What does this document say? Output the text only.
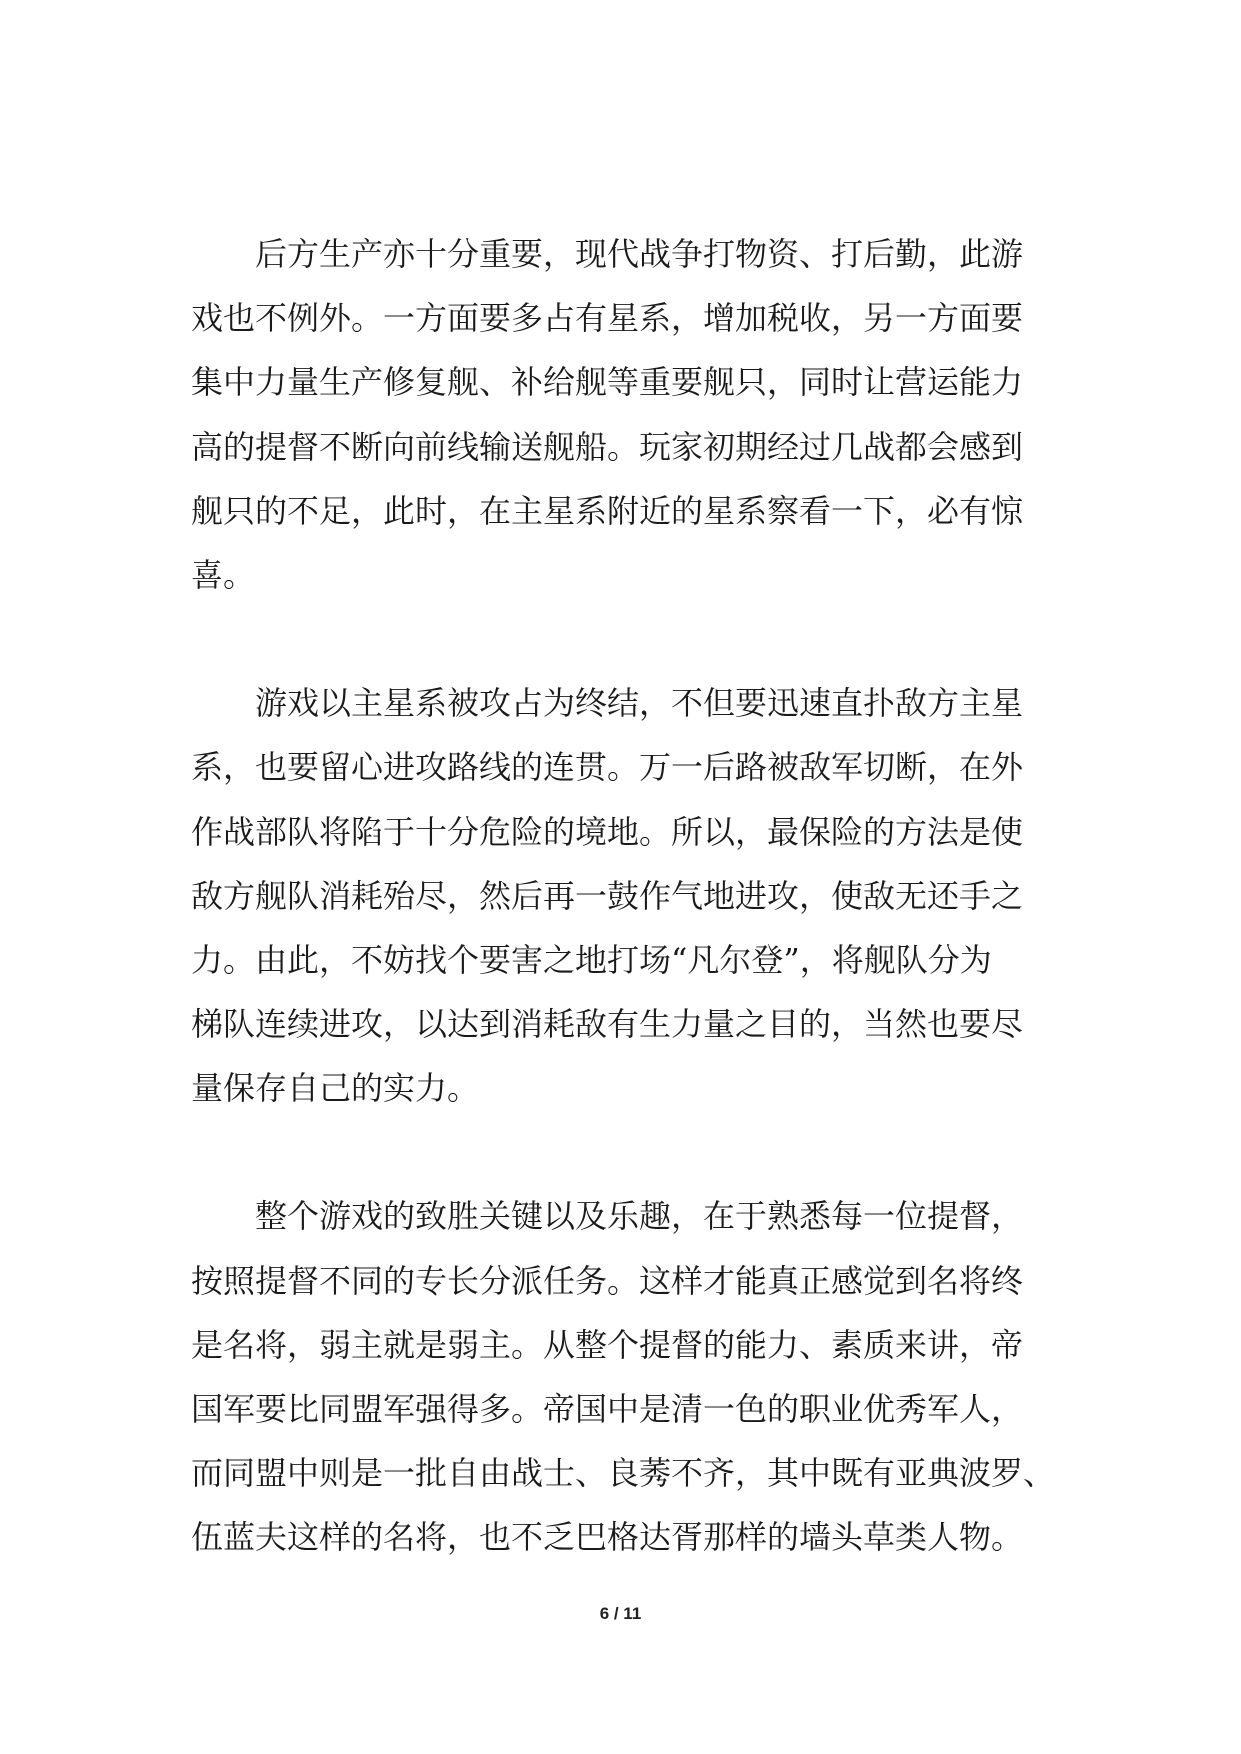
　　后方生产亦十分重要，现代战争打物资、打后勤，此游
戏也不例外。一方面要多占有星系，增加税收，另一方面要
集中力量生产修复舰、补给舰等重要舰只，同时让营运能力
高的提督不断向前线输送舰船。玩家初期经过几战都会感到
舰只的不足，此时，在主星系附近的星系察看一下，必有惊
喜。
　　游戏以主星系被攻占为终结，不但要迅速直扑敌方主星
系，也要留心进攻路线的连贯。万一后路被敌军切断，在外
作战部队将陷于十分危险的境地。所以，最保险的方法是使
敌方舰队消耗殆尽，然后再一鼓作气地进攻，使敌无还手之
力。由此，不妨找个要害之地打场“凡尔登”，将舰队分为
梯队连续进攻，以达到消耗敌有生力量之目的，当然也要尽
量保存自己的实力。
　　整个游戏的致胜关键以及乐趣，在于熟悉每一位提督，
按照提督不同的专长分派任务。这样才能真正感觉到名将终
是名将，弱主就是弱主。从整个提督的能力、素质来讲，帝
国军要比同盟军强得多。帝国中是清一色的职业优秀军人，
而同盟中则是一批自由战士、良莠不齐，其中既有亚典波罗、
伍蓝夫这样的名将，也不乏巴格达胥那样的墙头草类人物。
6 / 11
